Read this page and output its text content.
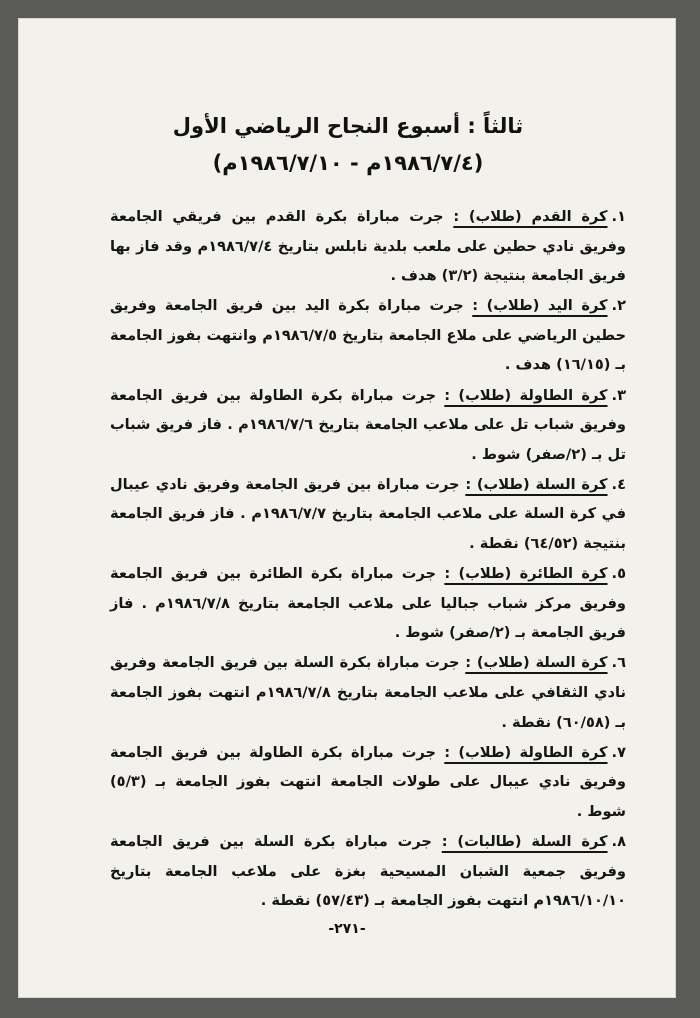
ثالثاً : أسبوع النجاح الرياضي الأول
(١٩٨٦/٧/٤م - ١٩٨٦/٧/١٠م)

١.كرة القدم (طلاب) : جرت مباراة بكرة القدم بين فريقي الجامعة وفريق نادي حطين على ملعب بلدية نابلس بتاريخ ١٩٨٦/٧/٤م وقد فاز بها فريق الجامعة بنتيجة (٣/٢) هدف .

٢.كرة اليد (طلاب) : جرت مباراة بكرة اليد بين فريق الجامعة وفريق حطين الرياضي على ملاع الجامعة بتاريخ ١٩٨٦/٧/٥م وانتهت بفوز الجامعة بـ (١٦/١٥) هدف .

٣.كرة الطاولة (طلاب) : جرت مباراة بكرة الطاولة بين فريق الجامعة وفريق شباب تل على ملاعب الجامعة بتاريخ ١٩٨٦/٧/٦م . فاز فريق شباب تل بـ (٢/صفر) شوط .

٤.كرة السلة (طلاب) : جرت مباراة بين فريق الجامعة وفريق نادي عيبال في كرة السلة على ملاعب الجامعة بتاريخ ١٩٨٦/٧/٧م . فاز فريق الجامعة بنتيجة (٦٤/٥٢) نقطة .

٥.كرة الطائرة (طلاب) : جرت مباراة بكرة الطائرة بين فريق الجامعة وفريق مركز شباب جباليا على ملاعب الجامعة بتاريخ ١٩٨٦/٧/٨م . فاز فريق الجامعة بـ (٢/صفر) شوط .

٦.كرة السلة (طلاب) : جرت مباراة بكرة السلة بين فريق الجامعة وفريق نادي الثقافي على ملاعب الجامعة بتاريخ ١٩٨٦/٧/٨م انتهت بفوز الجامعة بـ (٦٠/٥٨) نقطة .

٧.كرة الطاولة (طلاب) : جرت مباراة بكرة الطاولة بين فريق الجامعة وفريق نادي عيبال على طولات الجامعة انتهت بفوز الجامعة بـ (٥/٣) شوط .

٨.كرة السلة (طالبات) : جرت مباراة بكرة السلة بين فريق الجامعة وفريق جمعية الشبان المسيحية بغزة على ملاعب الجامعة بتاريخ ١٩٨٦/١٠/١٠م انتهت بفوز الجامعة بـ (٥٧/٤٣) نقطة .

-٢٧١-
